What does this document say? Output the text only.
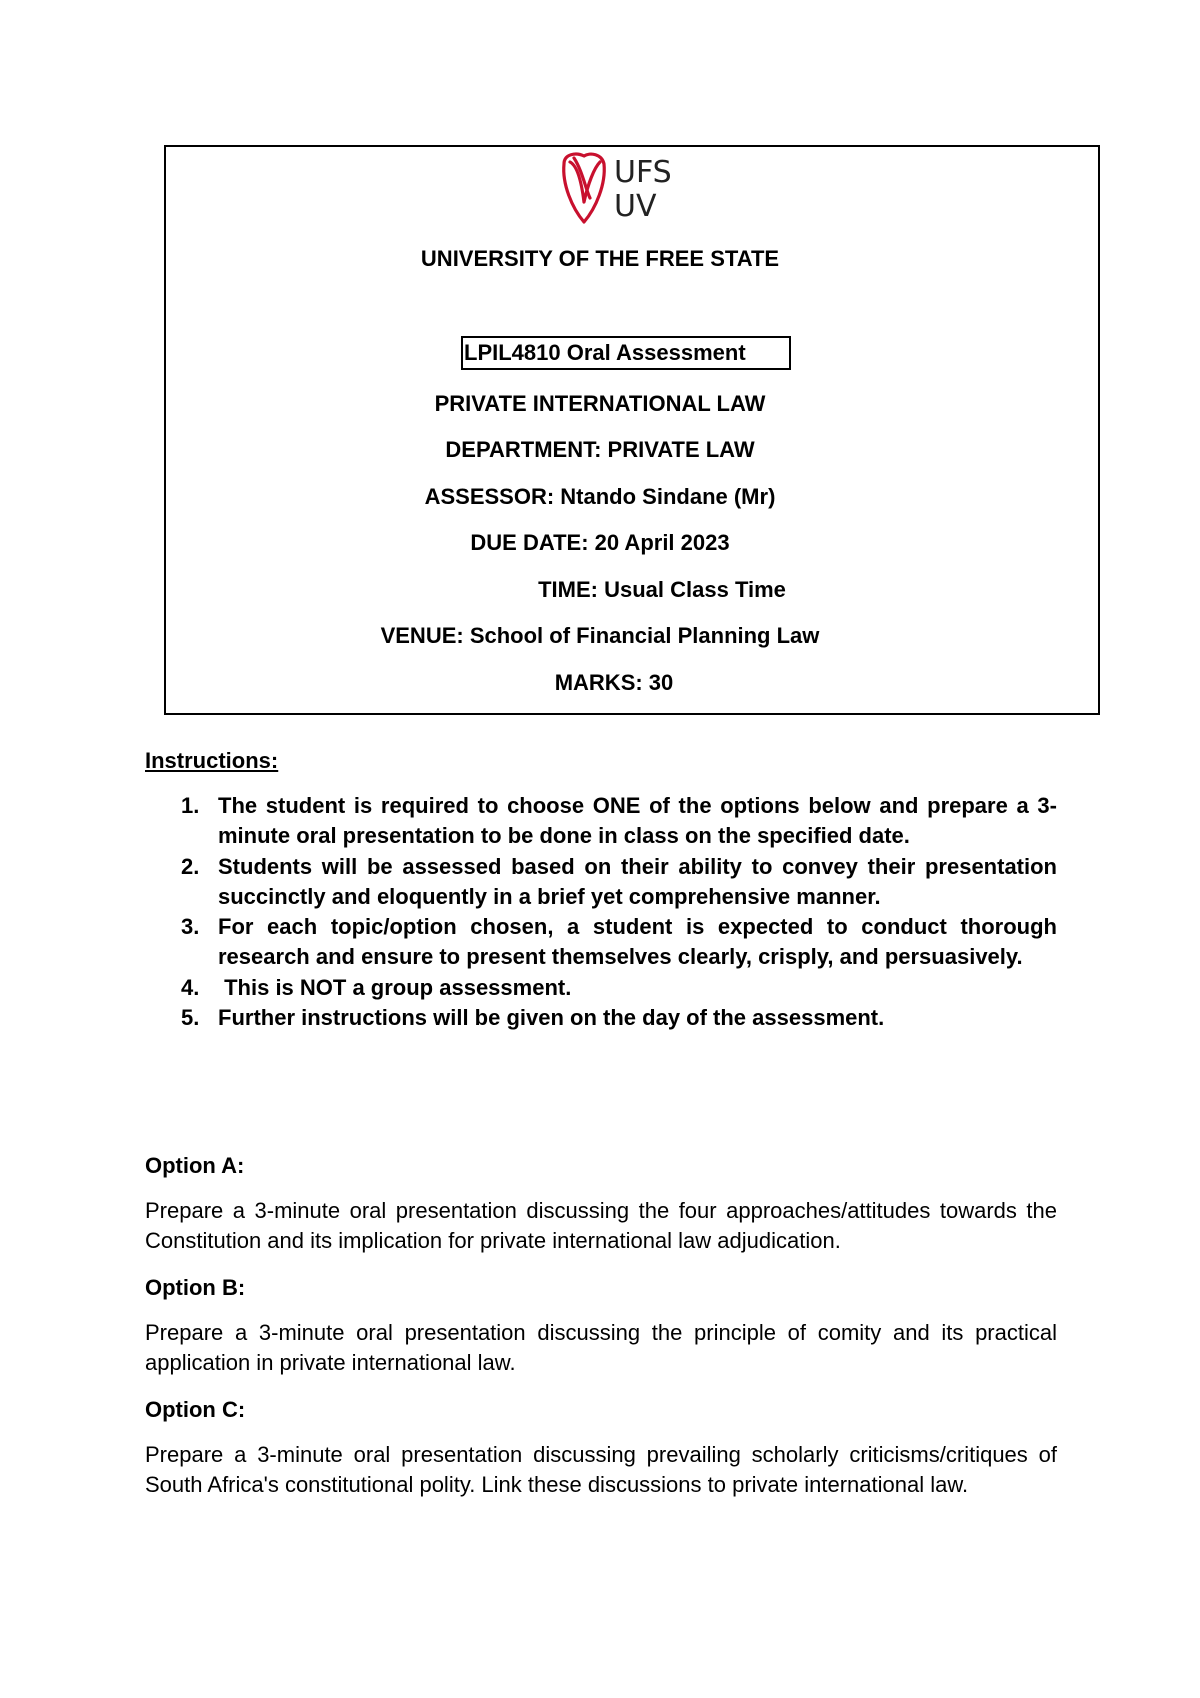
UFS
UV
UNIVERSITY OF THE FREE STATE
LPIL4810 Oral Assessment
PRIVATE INTERNATIONAL LAW
DEPARTMENT: PRIVATE LAW
ASSESSOR: Ntando Sindane (Mr)
DUE DATE: 20 April 2023
TIME: Usual Class Time
VENUE: School of Financial Planning Law
MARKS: 30
Instructions:
1. The student is required to choose ONE of the options below and prepare a 3-minute oral presentation to be done in class on the specified date.
2. Students will be assessed based on their ability to convey their presentation succinctly and eloquently in a brief yet comprehensive manner.
3. For each topic/option chosen, a student is expected to conduct thorough research and ensure to present themselves clearly, crisply, and persuasively.
4. This is NOT a group assessment.
5. Further instructions will be given on the day of the assessment.
Option A:
Prepare a 3-minute oral presentation discussing the four approaches/attitudes towards the Constitution and its implication for private international law adjudication.
Option B:
Prepare a 3-minute oral presentation discussing the principle of comity and its practical application in private international law.
Option C:
Prepare a 3-minute oral presentation discussing prevailing scholarly criticisms/critiques of South Africa's constitutional polity. Link these discussions to private international law.
